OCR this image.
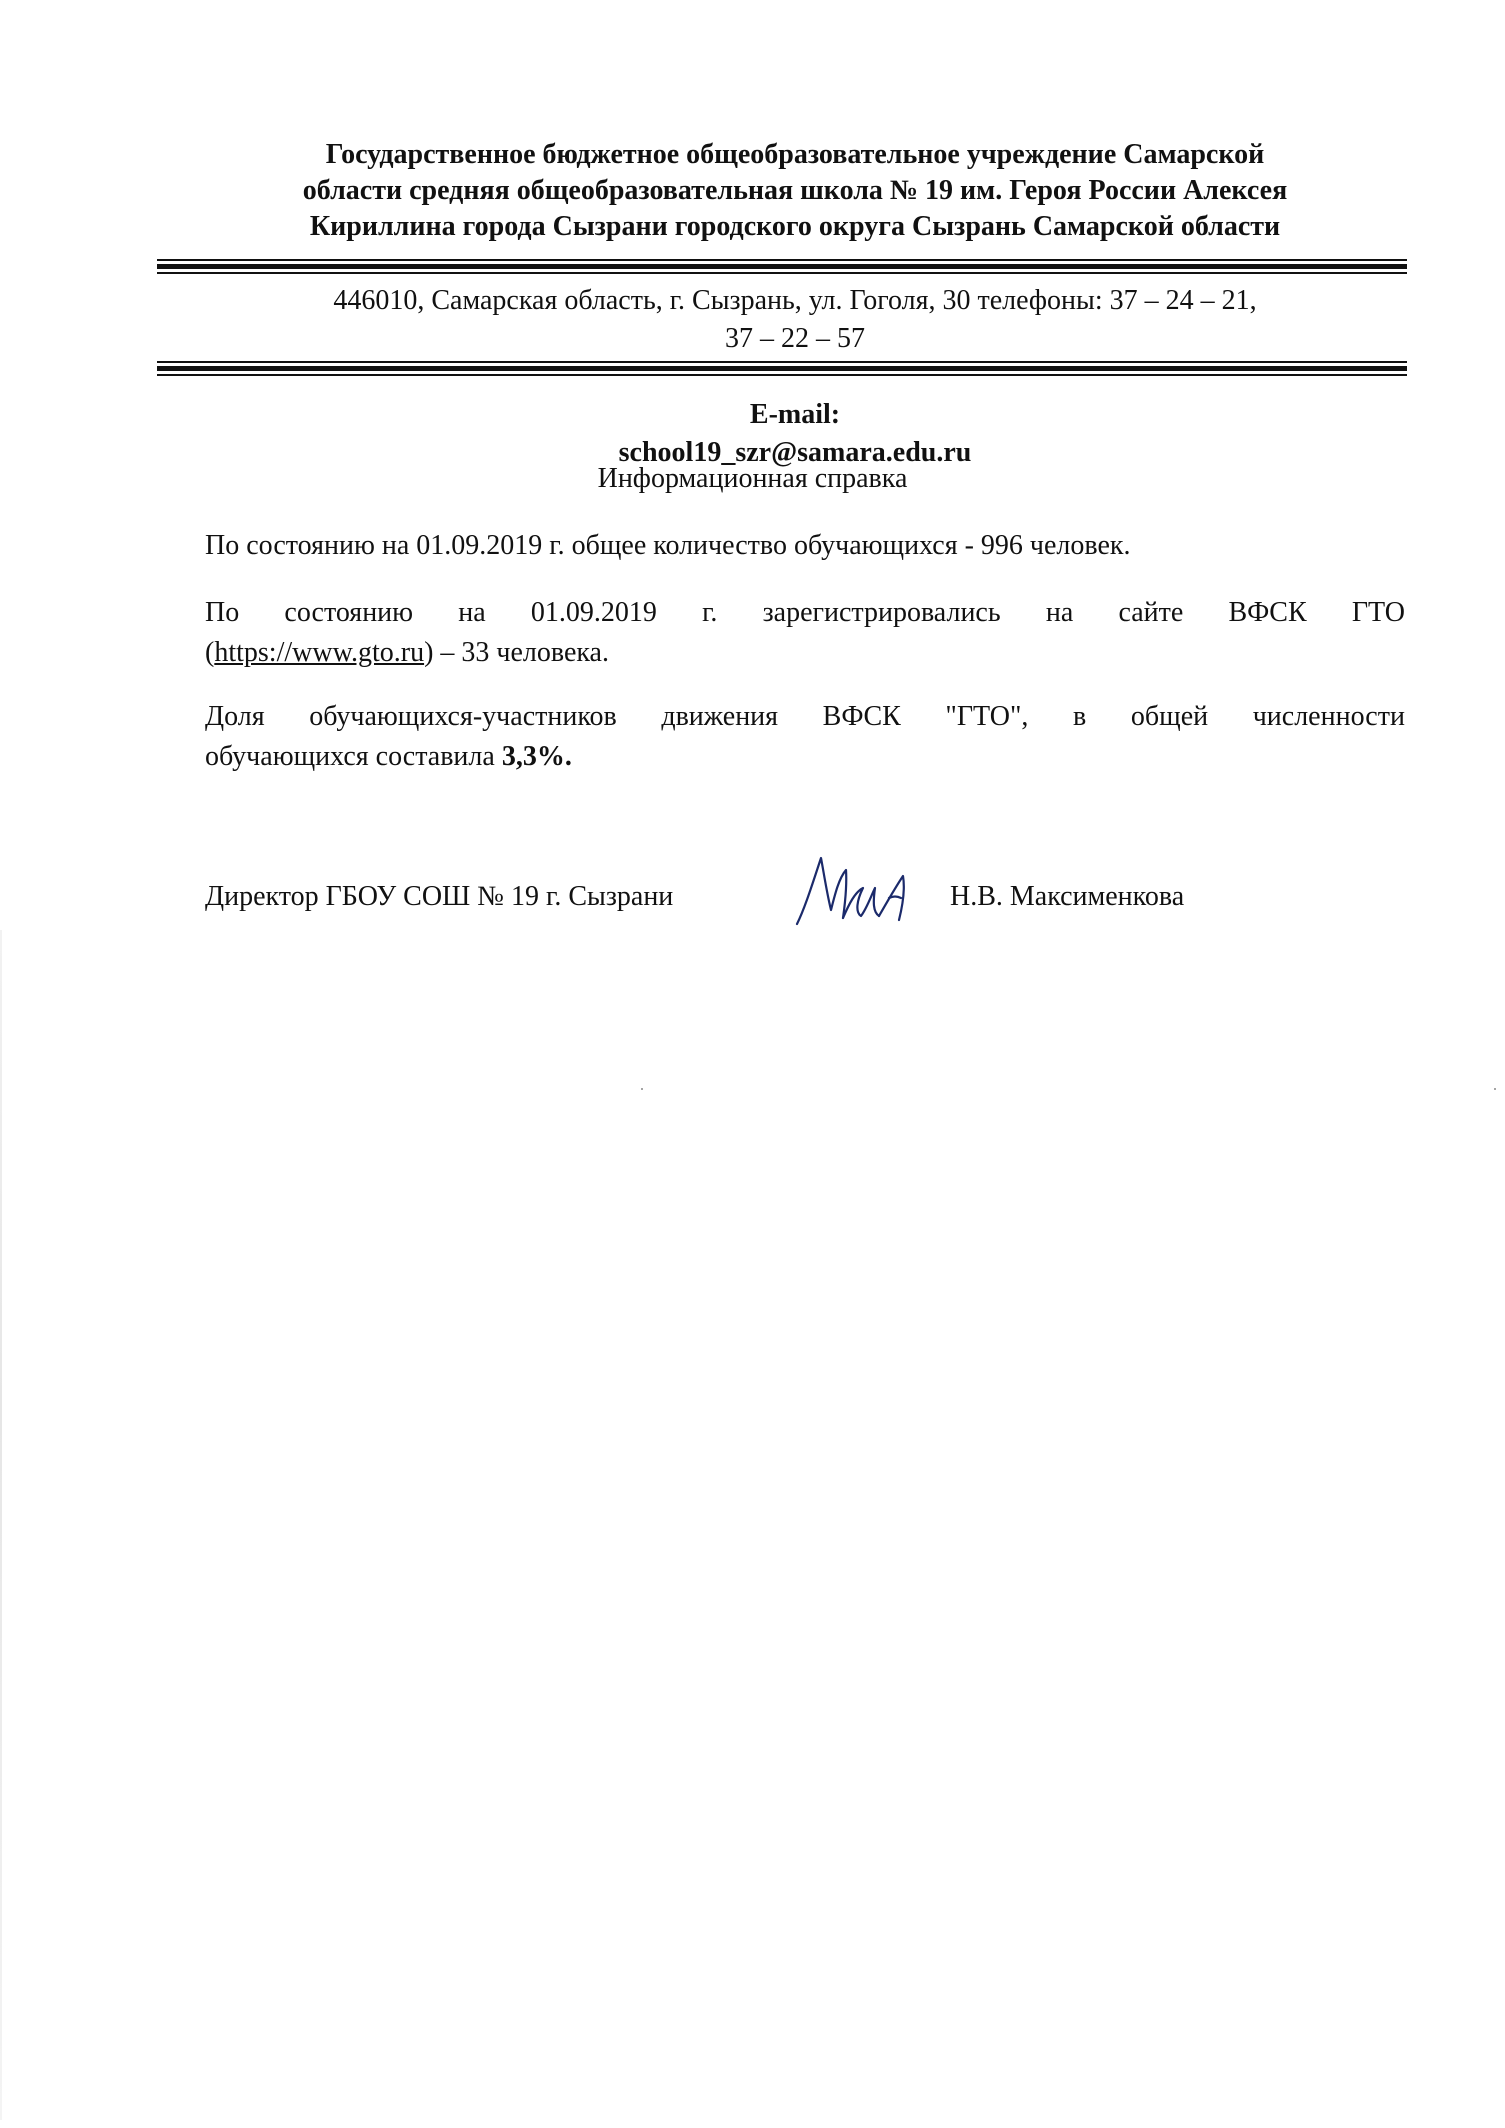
Государственное бюджетное общеобразовательное учреждение Самарской
области средняя общеобразовательная школа № 19 им. Героя России Алексея
Кириллина города Сызрани городского округа Сызрань Самарской области
446010, Самарская область, г. Сызрань, ул. Гоголя, 30 телефоны: 37 – 24 – 21,
37 – 22 – 57
E-mail:
school19_szr@samara.edu.ru
Информационная справка

По состоянию на 01.09.2019 г. общее количество обучающихся - 996 человек.

По состоянию на 01.09.2019 г. зарегистрировались на сайте ВФСК ГТО
(https://www.gto.ru) – 33 человека.
Доля обучающихся-участников движения ВФСК "ГТО", в общей численности
обучающихся составила 3,3%.
Директор ГБОУ СОШ № 19 г. Сызрани	Н.В. Максименкова
